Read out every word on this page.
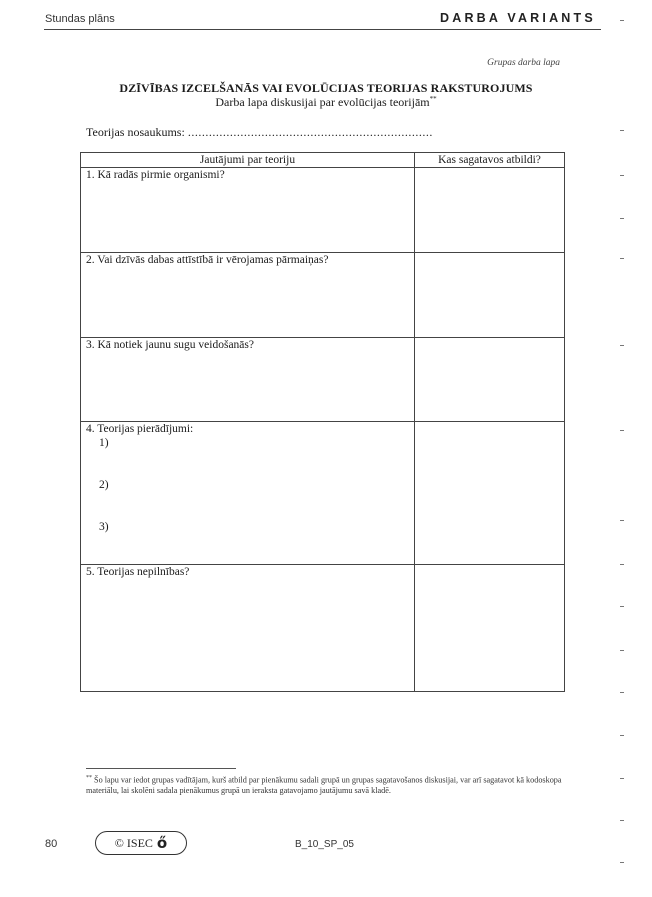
Stundas plāns	DARBA VARIANTS
Grupas darba lapa
DZĪVĪBAS IZCELŠANĀS VAI EVOLŪCIJAS TEORIJAS RAKSTUROJUMS
Darba lapa diskusijai par evolūcijas teorijām**
Teorijas nosaukums: ......................................................................
Jautājumi par teoriju	Kas sagatavos atbildi?
1. Kā radās pirmie organismi?	
2. Vai dzīvās dabas attīstībā ir vērojamas pārmaiņas?	
3. Kā notiek jaunu sugu veidošanās?	
4. Teorijas pierādījumi:
1)
2)
3)	

5. Teorijas nepilnības?	
** Šo lapu var iedot grupas vadītājam, kurš atbild par pienākumu sadali grupā un grupas sagatavošanos diskusijai, var arī sagatavot kā kodoskopa materiālu, lai skolēni sadala pienākumus grupā un ieraksta gatavojamo jautājumu savā kladē.
80	© ISEC ő	B_10_SP_05
